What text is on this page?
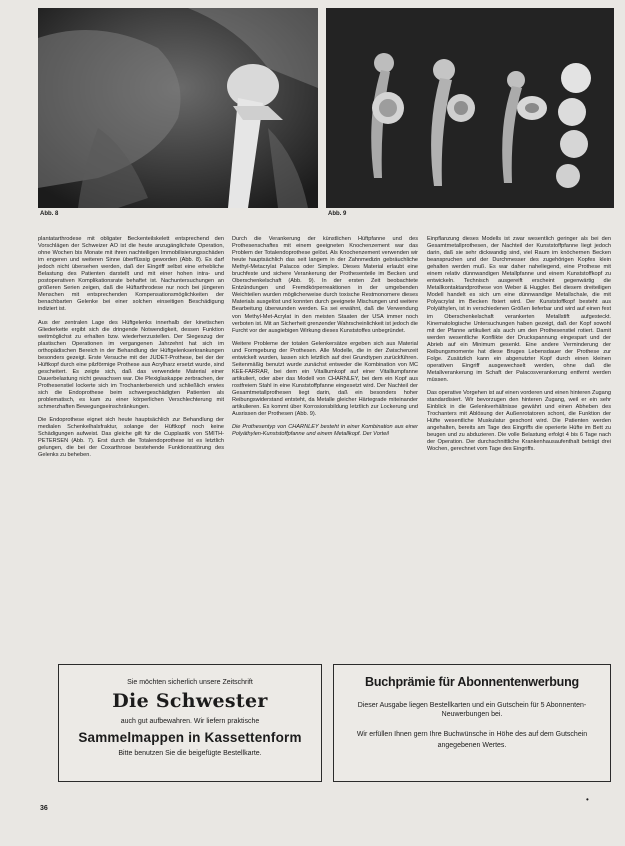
Abb. 8	Abb. 9

plantatarthrodese mit obligater Beckenteilskelett entsprechend den Vorschlägen der Schweizer AO ist die heute anzugänglichste Operation, ohne Wochen bis Monate mit ihren nachteiligen Immobilisierungsschäden im engeren und weiteren Sinne überflüssig geworden (Abb. 8). Es darf jedoch nicht übersehen werden, daß der Eingriff selbst eine erhebliche Belastung des Patienten darstellt und mit einer hohen intra- und postoperativen Komplikationsrate behaftet ist. Nachuntersuchungen an größeren Serien zeigen, daß die Hüftarthrodese nur noch bei jüngeren Menschen mit entsprechenden Kompensationsmöglichkeiten der benachbarten Gelenke bei einer solchen einseitigen Beschädigung indiziert ist.

Aus der zentralen Lage des Hüftgelenks innerhalb der kinetischen Gliederkette ergibt sich die dringende Notwendigkeit, dessen Funktion weitmöglichst zu erhalten bzw. wiederherzustellen. Der Siegeszug der plastischen Operationen im vergangenen Jahrzehnt hat sich im orthopädischen Bereich in der Behandlung der Hüftgelenkserkrankungen besonders gezeigt. Erste Versuche mit der JUDET-Prothese, bei der der Hüftkopf durch eine pilzförmige Prothese aus Acrylharz ersetzt wurde, sind gescheitert. Es zeigte sich, daß das verwendete Material einer Dauerbelastung nicht gewachsen war. Die Plexiglaskappe zerbrachen, der Prothesenstiel lockerte sich im Trochanterbereich und schließlich erwies sich die Endoprothese beim schwergeschädigten Patienten als problematisch, es kam zu einer körperlichen Verschlechterung mit schmerzhaften Bewegungseinschränkungen.

Die Endoprothese eignet sich heute hauptsächlich zur Behandlung der medialen Schenkelhalsfraktur, solange der Hüftkopf noch keine Schädigungen aufweist. Das gleiche gilt für die Cupplastik von SMITH-PETERSEN (Abb. 7). Erst durch die Totalendoprothese ist es letztlich gelungen, die bei der Coxarthrose bestehende Funktionsstörung des Gelenks zu beheben.

Durch die Verankerung der künstlichen Hüftpfanne und des Prothesenschaftes mit einem geeigneten Knochenzement war das Problem der Totalendoprothese gelöst. Als Knochenzement verwenden wir heute hauptsächlich das seit langem in der Zahnmedizin gebräuchliche Methyl-Metacrylat Palacos oder Simplex. Dieses Material erlaubt eine bruchfeste und sichere Verankerung der Prothesenteile im Becken und Oberschenkelschaft (Abb. 9). In der ersten Zeit beobachtete Entzündungen und Fremdkörperreaktionen in der umgebenden Weichteilen wurden möglicherweise durch toxische Restmonomere dieses Materials ausgelöst und konnten durch geeignete Mischungen und weitere Bearbeitung überwunden werden. Es sei erwähnt, daß die Verwendung von Methyl-Met-Acrylat in den meisten Staaten der USA immer noch verboten ist. Mit an Sicherheit grenzender Wahrscheinlichkeit ist jedoch die Furcht vor der ausgiebigen Wirkung dieses Kunststoffes unbegründet.

Weitere Probleme der totalen Gelenkersätze ergeben sich aus Material und Formgebung der Prothesen. Alle Modelle, die in der Zwischenzeit entwickelt wurden, lassen sich letztlich auf drei Grundtypen zurückführen. Seitenmäßig benutzt wurde zunächst entweder die Kombination von MC KEE-FARRAR, bei dem ein Vitalliumkopf auf einer Vitalliumpfanne artikuliert, oder aber das Modell von CHARNLEY, bei dem ein Kopf aus rostfreiem Stahl in eine Kunststoffpfanne eingesetzt wird. Der Nachteil der Gesamtmetallprothesen liegt darin, daß ein besonders hoher Reibungswiderstand entsteht, da Metalle gleicher Härtegrade miteinander artikulieren. Es kommt über Korrosionsbildung letztlich zur Lockerung und Ausrissen der Prothesen (Abb. 9).

Die Prothesentyp von CHARNLEY besteht in einer Kombination aus einer Polyäthylen-Kunststoffpfanne und einem Metallkopf. Der Vorteil

Einpflanzung dieses Modells ist zwar wesentlich geringer als bei den Gesamtmetallprothesen, der Nachteil der Kunststoffpfanne liegt jedoch darin, daß sie sehr dickwandig sind, viel Raum im knöchernen Becken beanspruchen und der Durchmesser des zugehörigen Kopfes klein gehalten werden muß. Es war daher naheliegend, eine Prothese mit einem relativ dünnwandigen Metallpfanne und einem Kunststoffkopf zu entwickeln. Technisch ausgereift erscheint gegenwärtig die Metallkontaktandprothese von Weber & Huggler. Bei diesem dreiteiligen Modell handelt es sich um eine dünnwandige Metallschale, die mit Polyacrylat im Becken fixiert wird. Der Kunststoffkopf besteht aus Polyäthylen, ist in verschiedenen Größen lieferbar und wird auf einen fest im Oberschenkelschaft verankerten Metallstift aufgesteckt. Kinematologische Untersuchungen haben gezeigt, daß der Kopf sowohl mit der Pfanne artikuliert als auch um den Prothesenstiel rotiert. Damit werden wesentliche Konflikte der Druckspannung eingespart und der Abrieb auf ein Minimum gesenkt. Eine andere Verminderung der Reibungsmomente hat diese Bruges Lebensdauer der Prothese zur Folge. Zusätzlich kann ein abgenutzter Kopf durch einen kleinen operativen Eingriff ausgewechselt werden, ohne daß die Metallverankerung im Schaft der Palacosverankerung entfernt werden müssen.

Das operative Vorgehen ist auf einen vorderen und einen hinteren Zugang standardisiert. Wir bevorzugen den hinteren Zugang, weil er ein sehr Einblick in die Gelenkverhältnisse gewährt und einen Abheben des Trochanters mit Ablösung der Außenrotatoren schont, die Funktion der Hüfte wesentliche Muskulatur geschont wird. Die Patienten werden angehalten, bereits am Tage des Eingriffs die operierte Hüfte im Bett zu beugen und zu abduzieren. Die volle Belastung erfolgt 4 bis 6 Tage nach der Operation. Der durchschnittliche Krankenhausaufenthalt beträgt drei Wochen, gerechnet vom Tage des Eingriffs.

Sie möchten sicherlich unsere Zeitschrift
Die Schwester
auch gut aufbewahren. Wir liefern praktische
Sammelmappen in Kassettenform
Bitte benutzen Sie die beigefügte Bestellkarte.
Buchprämie für Abonnentenwerbung
Dieser Ausgabe liegen Bestellkarten und ein Gutschein für 5 Abonnenten-Neuwerbungen bei.
Wir erfüllen Ihnen gern Ihre Buchwünsche in Höhe des auf dem Gutschein angegebenen Wertes.
36
•
